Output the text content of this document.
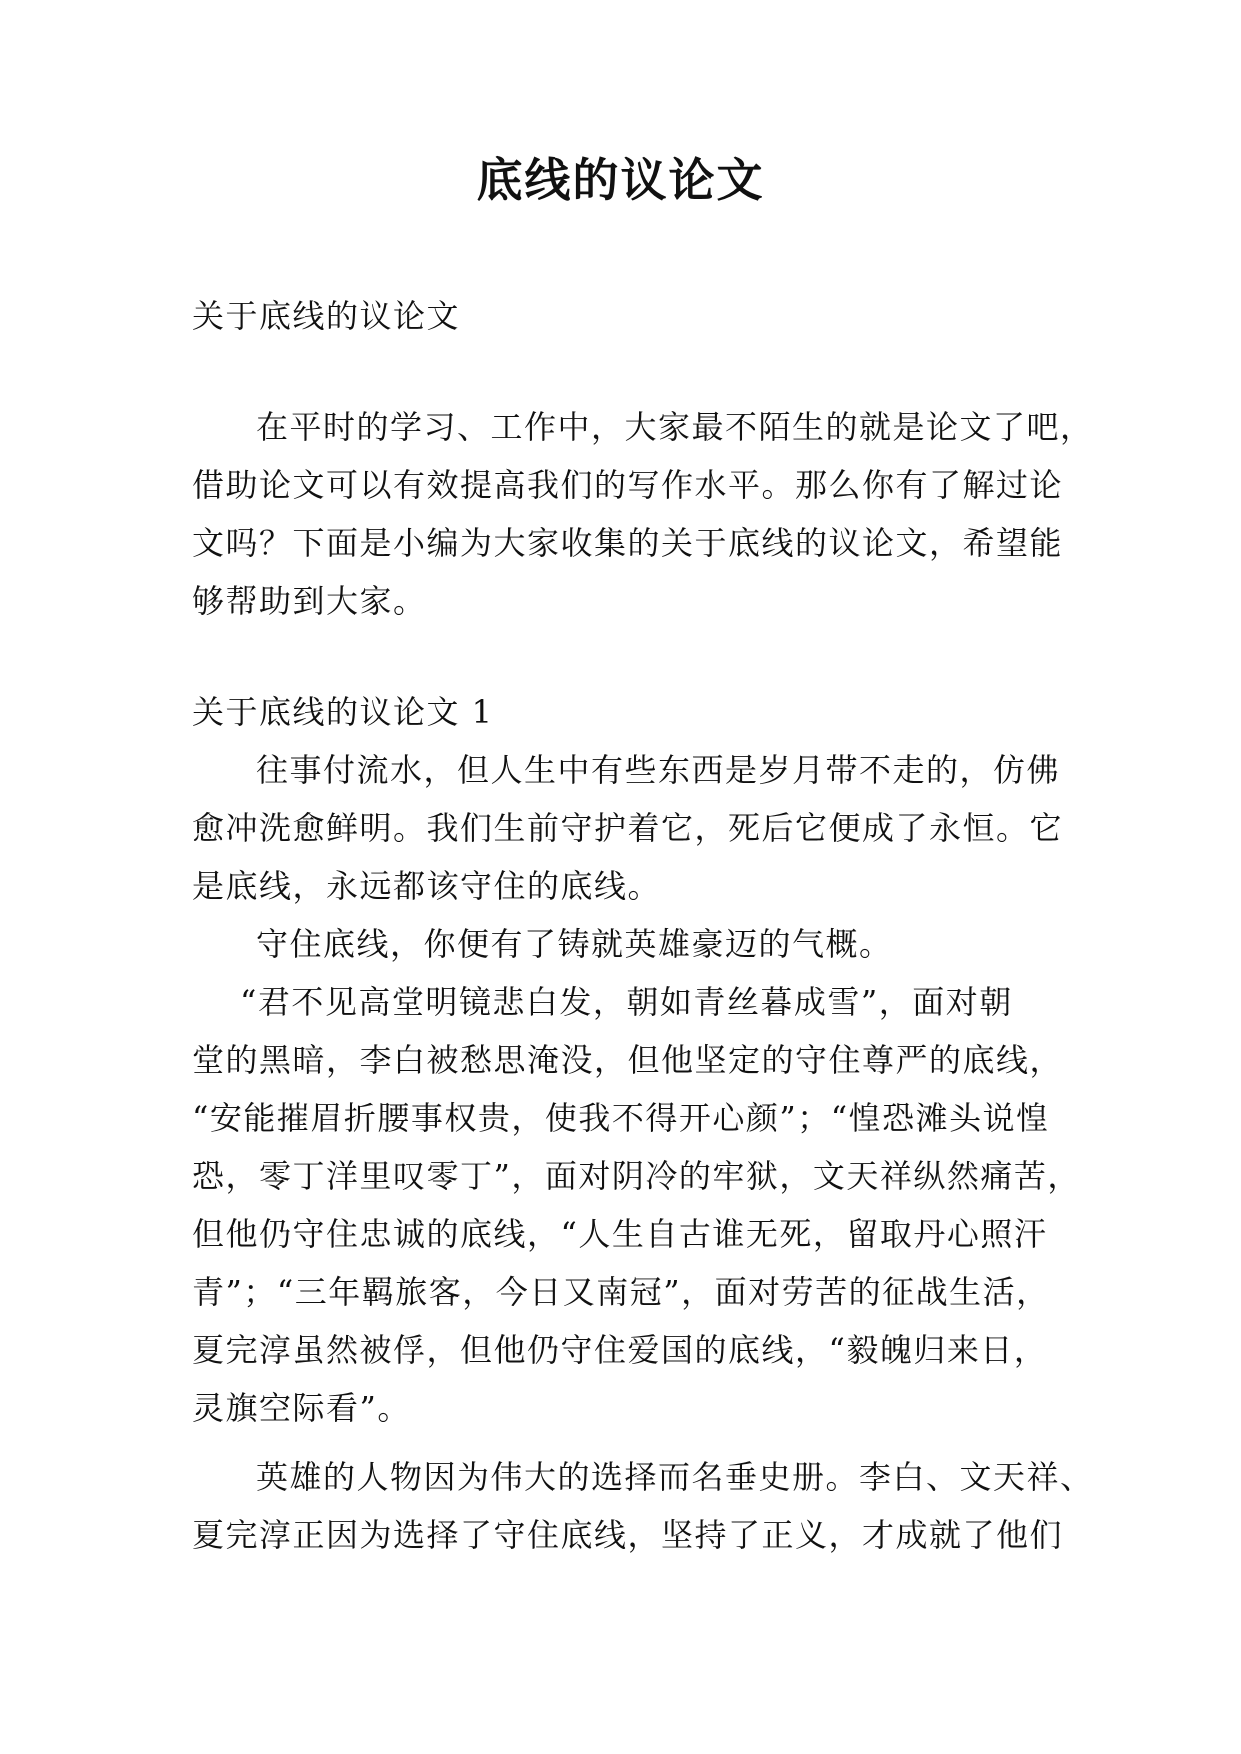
底线的议论文
关于底线的议论文
在平时的学习、工作中，大家最不陌生的就是论文了吧，
借助论文可以有效提高我们的写作水平。那么你有了解过论
文吗？下面是小编为大家收集的关于底线的议论文，希望能
够帮助到大家。
关于底线的议论文 1
往事付流水，但人生中有些东西是岁月带不走的，仿佛
愈冲洗愈鲜明。我们生前守护着它，死后它便成了永恒。它
是底线，永远都该守住的底线。
守住底线，你便有了铸就英雄豪迈的气概。
“君不见高堂明镜悲白发，朝如青丝暮成雪”，面对朝
堂的黑暗，李白被愁思淹没，但他坚定的守住尊严的底线，
“安能摧眉折腰事权贵，使我不得开心颜”；“惶恐滩头说惶
恐，零丁洋里叹零丁”，面对阴冷的牢狱，文天祥纵然痛苦，
但他仍守住忠诚的底线，“人生自古谁无死，留取丹心照汗
青”；“三年羁旅客，今日又南冠”，面对劳苦的征战生活，
夏完淳虽然被俘，但他仍守住爱国的底线，“毅魄归来日，
灵旗空际看”。
英雄的人物因为伟大的选择而名垂史册。李白、文天祥、
夏完淳正因为选择了守住底线，坚持了正义，才成就了他们
